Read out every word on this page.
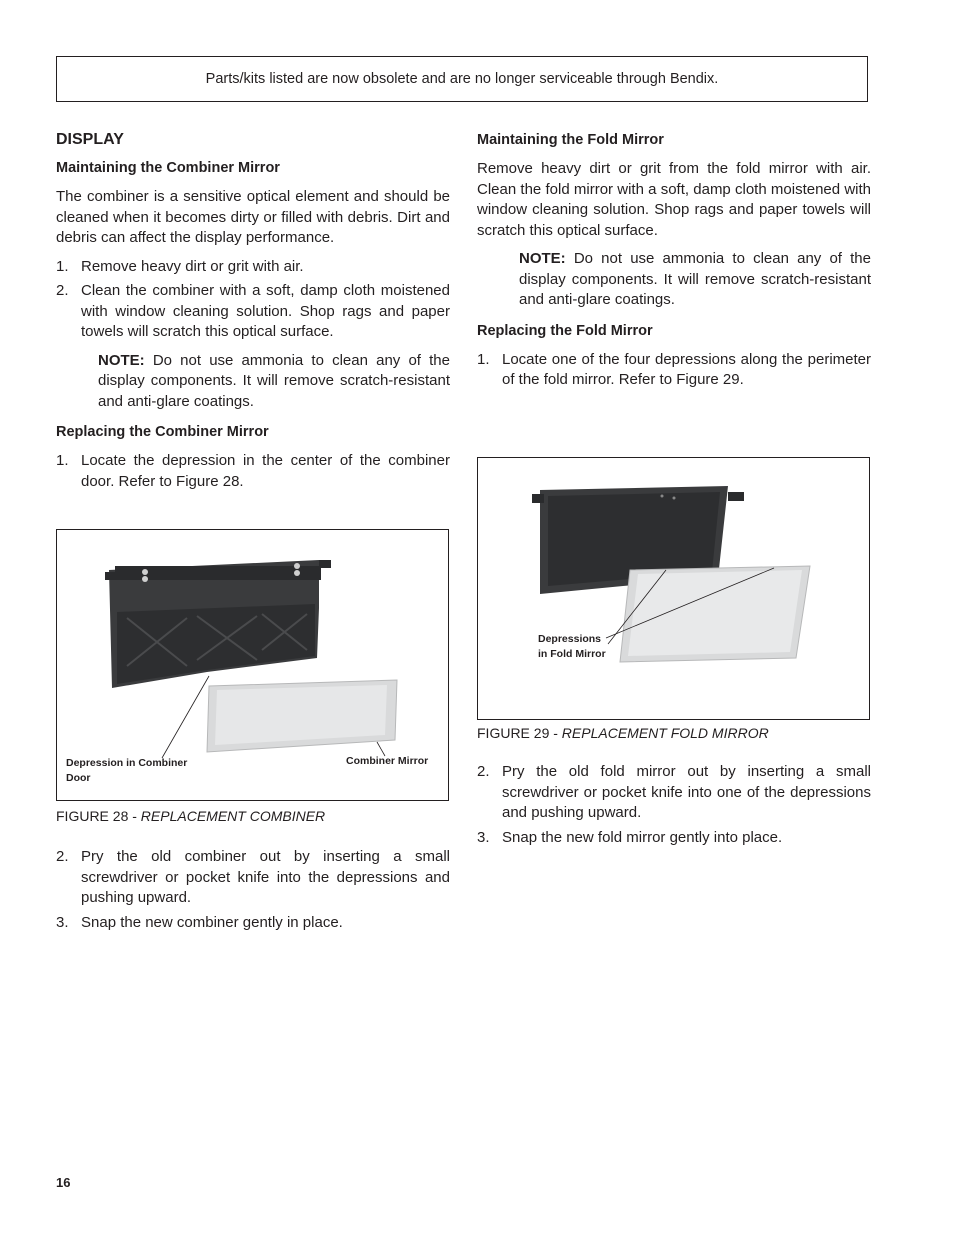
Parts/kits listed are now obsolete and are no longer serviceable through Bendix.
DISPLAY
Maintaining the Combiner Mirror

The combiner is a sensitive optical element and should be cleaned when it becomes dirty or filled with debris. Dirt and debris can affect the display performance.

1. Remove heavy dirt or grit with air.
2. Clean the combiner with a soft, damp cloth moistened with window cleaning solution. Shop rags and paper towels will scratch this optical surface.
NOTE: Do not use ammonia to clean any of the display components. It will remove scratch-resistant and anti-glare coatings.
Replacing the Combiner Mirror
1. Locate the depression in the center of the combiner door. Refer to Figure 28.
Depression in Combiner
Door
Combiner Mirror
FIGURE 28 - REPLACEMENT COMBINER
2. Pry the old combiner out by inserting a small screwdriver or pocket knife into the depressions and pushing upward.
3. Snap the new combiner gently in place.
Maintaining the Fold Mirror

Remove heavy dirt or grit from the fold mirror with air. Clean the fold mirror with a soft, damp cloth moistened with window cleaning solution. Shop rags and paper towels will scratch this optical surface.

NOTE: Do not use ammonia to clean any of the display components. It will remove scratch-resistant and anti-glare coatings.
Replacing the Fold Mirror
1. Locate one of the four depressions along the perimeter of the fold mirror. Refer to Figure 29.
Depressions
in Fold Mirror
FIGURE 29 - REPLACEMENT FOLD MIRROR
2. Pry the old fold mirror out by inserting a small screwdriver or pocket knife into one of the depressions and pushing upward.
3. Snap the new fold mirror gently into place.
16
